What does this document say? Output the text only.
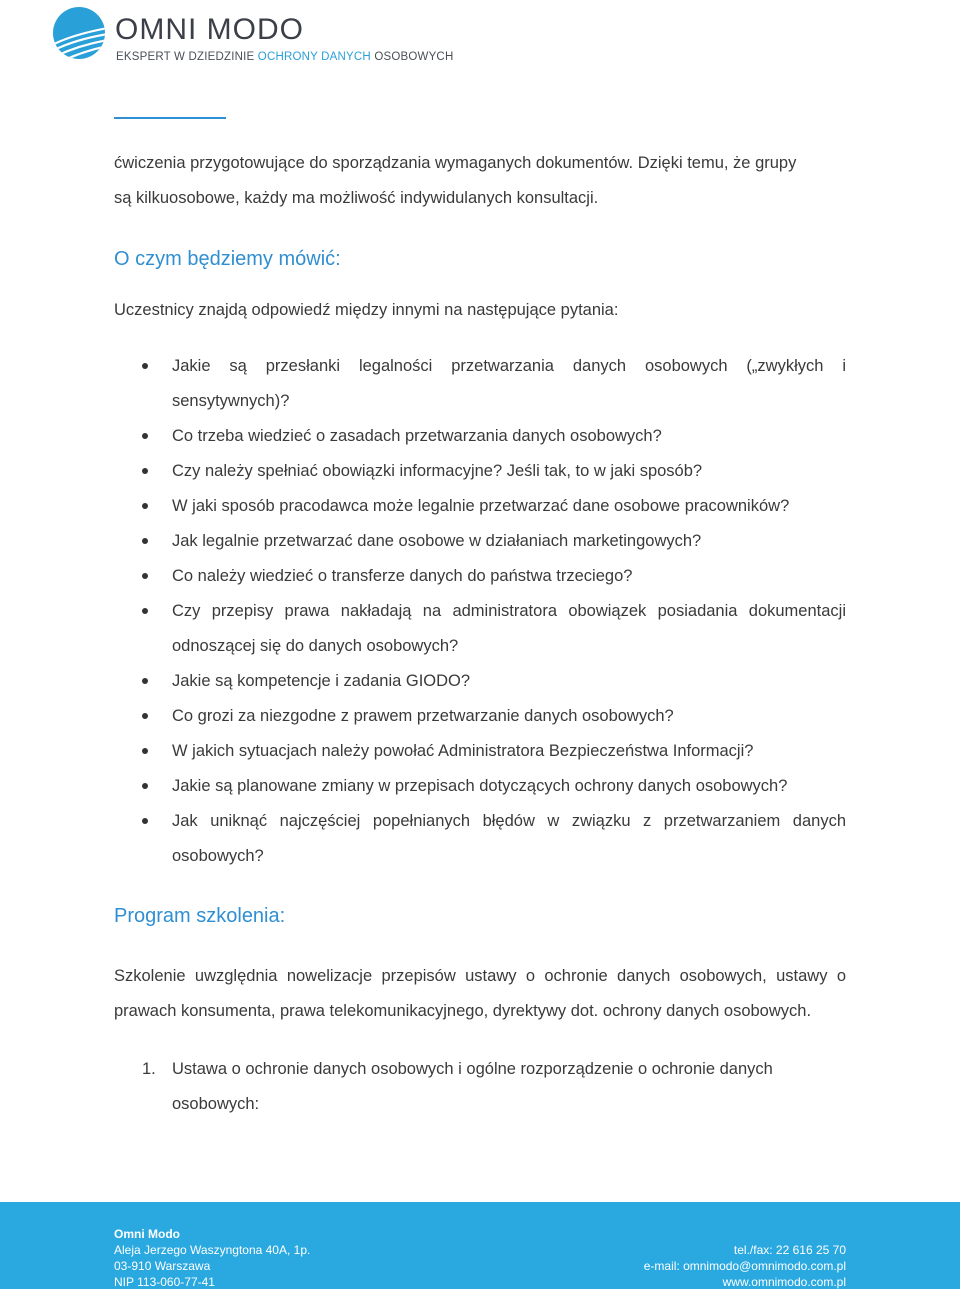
OMNI MODO
EKSPERT W DZIEDZINIE OCHRONY DANYCH OSOBOWYCH

ćwiczenia przygotowujące do sporządzania wymaganych dokumentów. Dzięki temu, że grupy

są kilkuosobowe, każdy ma możliwość indywidulanych konsultacji.

O czym będziemy mówić:

Uczestnicy znajdą odpowiedź między innymi na następujące pytania:

Jakie są przesłanki legalności przetwarzania danych osobowych („zwykłych i sensytywnych)?
Co trzeba wiedzieć o zasadach przetwarzania danych osobowych?
Czy należy spełniać obowiązki informacyjne? Jeśli tak, to w jaki sposób?
W jaki sposób pracodawca może legalnie przetwarzać dane osobowe pracowników?
Jak legalnie przetwarzać dane osobowe w działaniach marketingowych?
Co należy wiedzieć o transferze danych do państwa trzeciego?
Czy przepisy prawa nakładają na administratora obowiązek posiadania dokumentacji odnoszącej się do danych osobowych?
Jakie są kompetencje i zadania GIODO?
Co grozi za niezgodne z prawem przetwarzanie danych osobowych?
W jakich sytuacjach należy powołać Administratora Bezpieczeństwa Informacji?
Jakie są planowane zmiany w przepisach dotyczących ochrony danych osobowych?
Jak uniknąć najczęściej popełnianych błędów w związku z przetwarzaniem danych osobowych?
Program szkolenia:

Szkolenie uwzględnia nowelizacje przepisów ustawy o ochronie danych osobowych, ustawy o prawach konsumenta, prawa telekomunikacyjnego, dyrektywy dot. ochrony danych osobowych.

1. Ustawa o ochronie danych osobowych i ogólne rozporządzenie o ochronie danych osobowych:
Omni Modo
Aleja Jerzego Waszyngtona 40A, 1p.
03-910 Warszawa
NIP 113-060-77-41
tel./fax: 22 616 25 70
e-mail: omnimodo@omnimodo.com.pl
www.omnimodo.com.pl
